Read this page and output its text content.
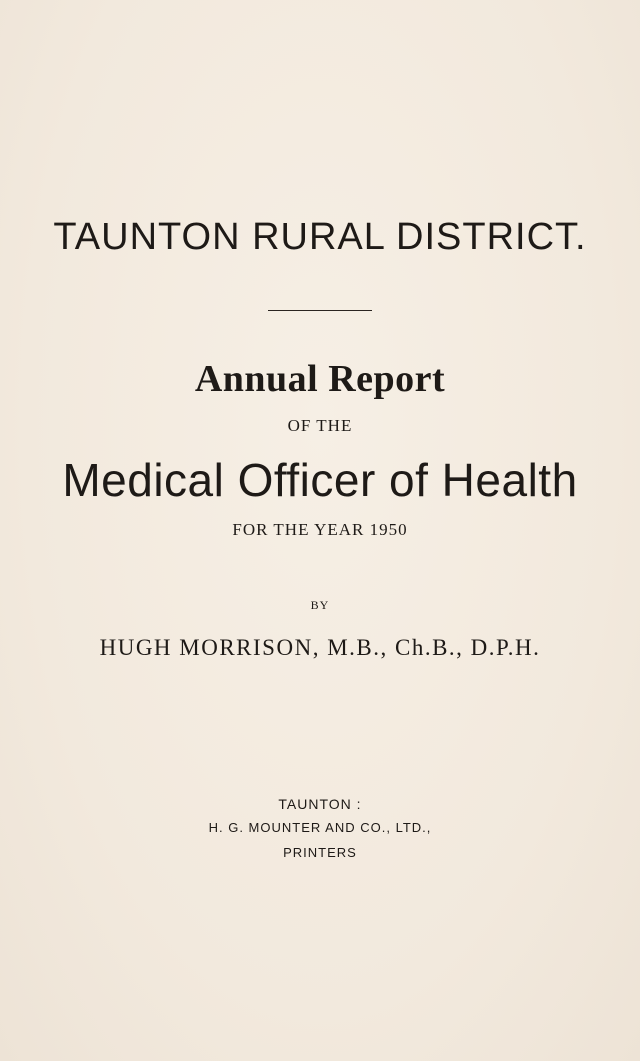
TAUNTON RURAL DISTRICT.
Annual Report
OF THE
Medical Officer of Health
FOR THE YEAR 1950
BY
HUGH MORRISON, M.B., Ch.B., D.P.H.
TAUNTON :
H. G. MOUNTER AND CO., LTD.,
PRINTERS
